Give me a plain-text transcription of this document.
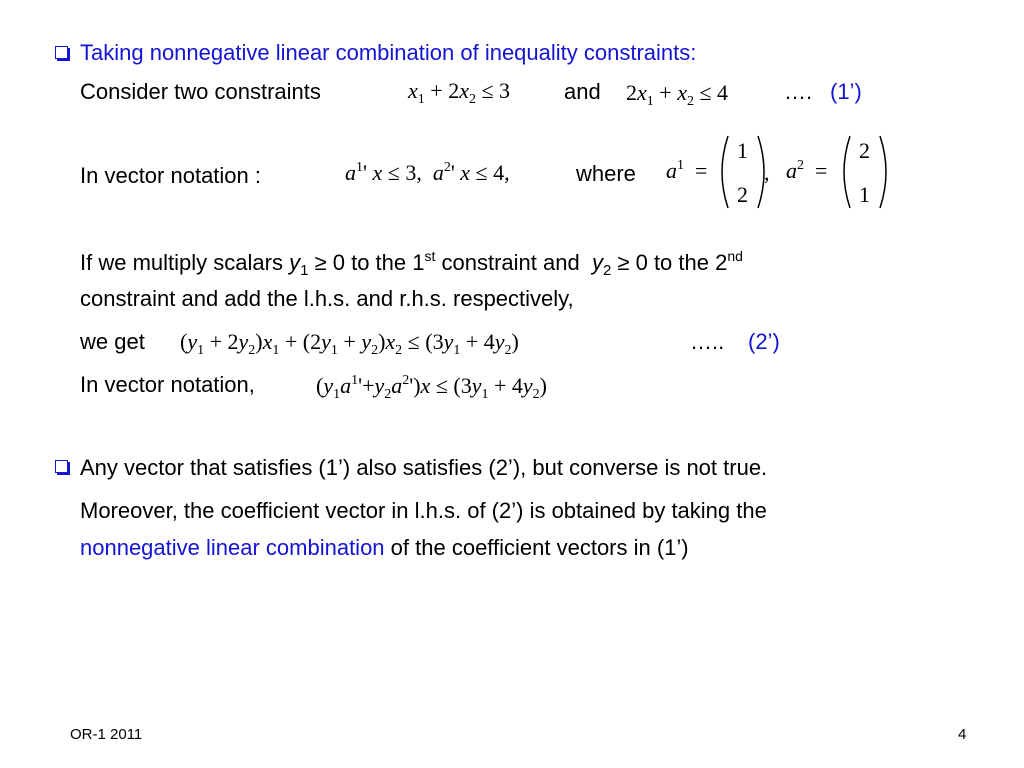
Taking nonnegative linear combination of inequality constraints:
Consider two constraints	$x_1 + 2x_2 \le 3$ and $2x_1 + x_2 \le 4$	…. (1’)
In vector notation :	$a^1'$ x ≤ 3, $a^2'$ x ≤ 4,	where $a^1$ =
1
2
, $a^2$ =
2
1
If we multiply scalars $y_1 \ge 0$ to the 1st constraint and $y_2 \ge 0$ to the 2nd
constraint and add the l.h.s. and r.h.s. respectively,
we get $(y_1 + 2y_2)x_1 + (2y_1 + y_2)x_2 \le (3y_1 + 4y_2)$	….. (2’)
In vector notation,	$(y_1a^1'+y_2a^2')x \le (3y_1 + 4y_2)$
Any vector that satisfies (1’) also satisfies (2’), but converse is not true.
Moreover, the coefficient vector in l.h.s. of (2’) is obtained by taking the
nonnegative linear combination of the coefficient vectors in (1’)
OR-1 2011	4
